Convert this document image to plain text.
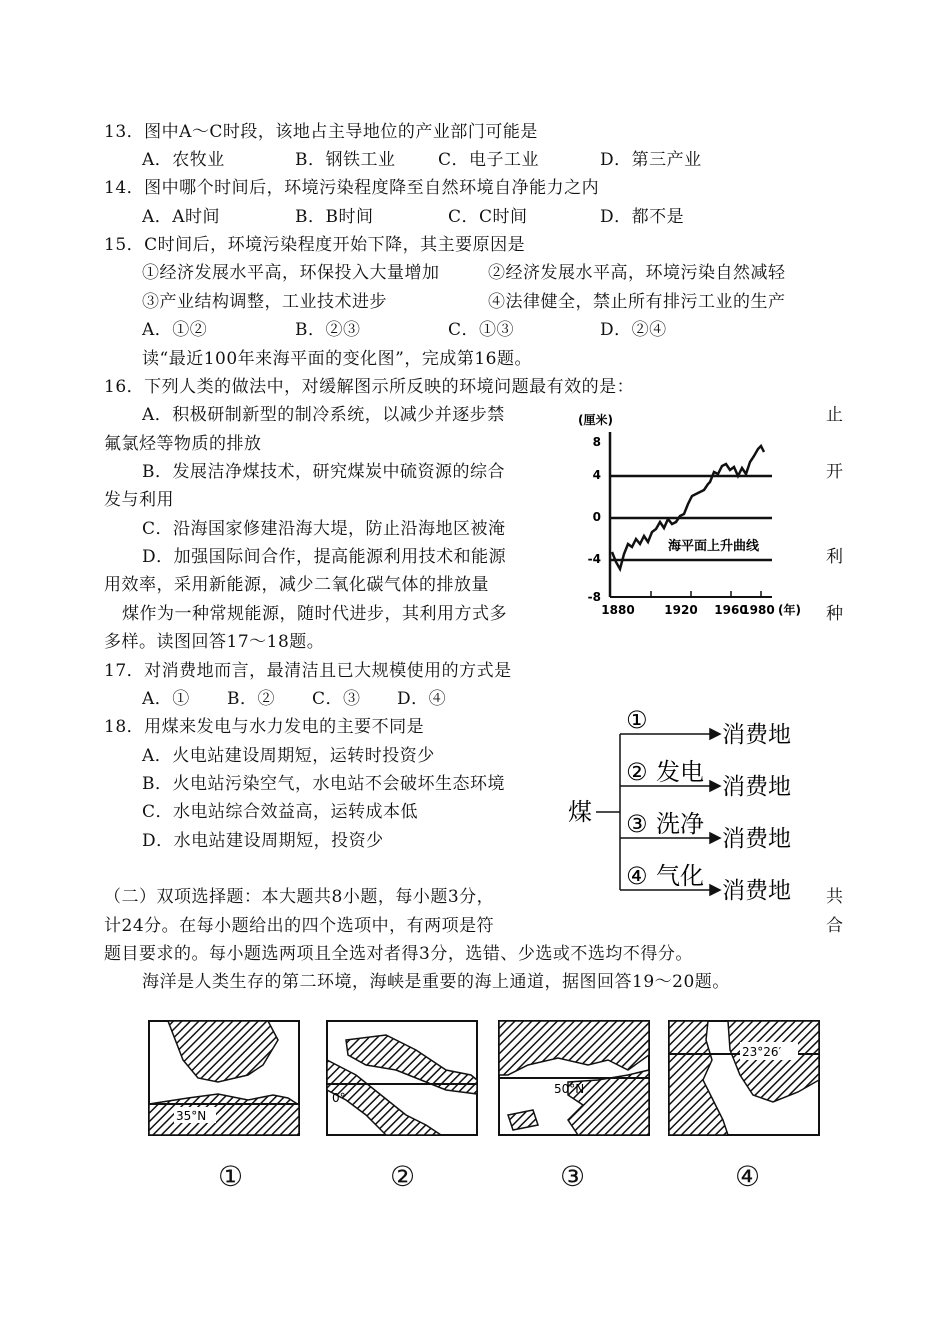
13．图中A～C时段，该地占主导地位的产业部门可能是
A．农牧业	B．钢铁工业	C．电子工业	D．第三产业
14．图中哪个时间后，环境污染程度降至自然环境自净能力之内
A．A时间	B．B时间	C．C时间	D．都不是
15．C时间后，环境污染程度开始下降，其主要原因是
①经济发展水平高，环保投入大量增加	②经济发展水平高，环境污染自然减轻
③产业结构调整，工业技术进步	④法律健全，禁止所有排污工业的生产
A．①②	B．②③	C．①③	D．②④
读“最近100年来海平面的变化图”，完成第16题。
16．下列人类的做法中，对缓解图示所反映的环境问题最有效的是：
A．积极研制新型的制冷系统，以减少并逐步禁	止
氟氯烃等物质的排放
B．发展洁净煤技术，研究煤炭中硫资源的综合	开
发与利用
C．沿海国家修建沿海大堤，防止沿海地区被淹
D．加强国际间合作，提高能源利用技术和能源	利
用效率，采用新能源，减少二氧化碳气体的排放量
煤作为一种常规能源，随时代进步，其利用方式多	种
多样。读图回答17～18题。
17．对消费地而言，最清洁且已大规模使用的方式是
A．① B．② C．③ D．④
18．用煤来发电与水力发电的主要不同是
A．火电站建设周期短，运转时投资少
B．火电站污染空气，水电站不会破坏生态环境
C．水电站综合效益高，运转成本低
D．水电站建设周期短，投资少
（二）双项选择题：本大题共8小题，每小题3分，	共
计24分。在每小题给出的四个选项中，有两项是符	合
题目要求的。每小题选两项且全选对者得3分，选错、少选或不选均不得分。
海洋是人类生存的第二环境，海峡是重要的海上通道，据图回答19～20题。
(厘米)
(年)
8
4
0
-4
-8
1880 1920 1960
1980
海平面上升曲线
煤
①
② 发电
③ 洗净
④ 气化
消费地
消费地
消费地
消费地
35°N
0°
50°N
23°26′
①	②	③	④
